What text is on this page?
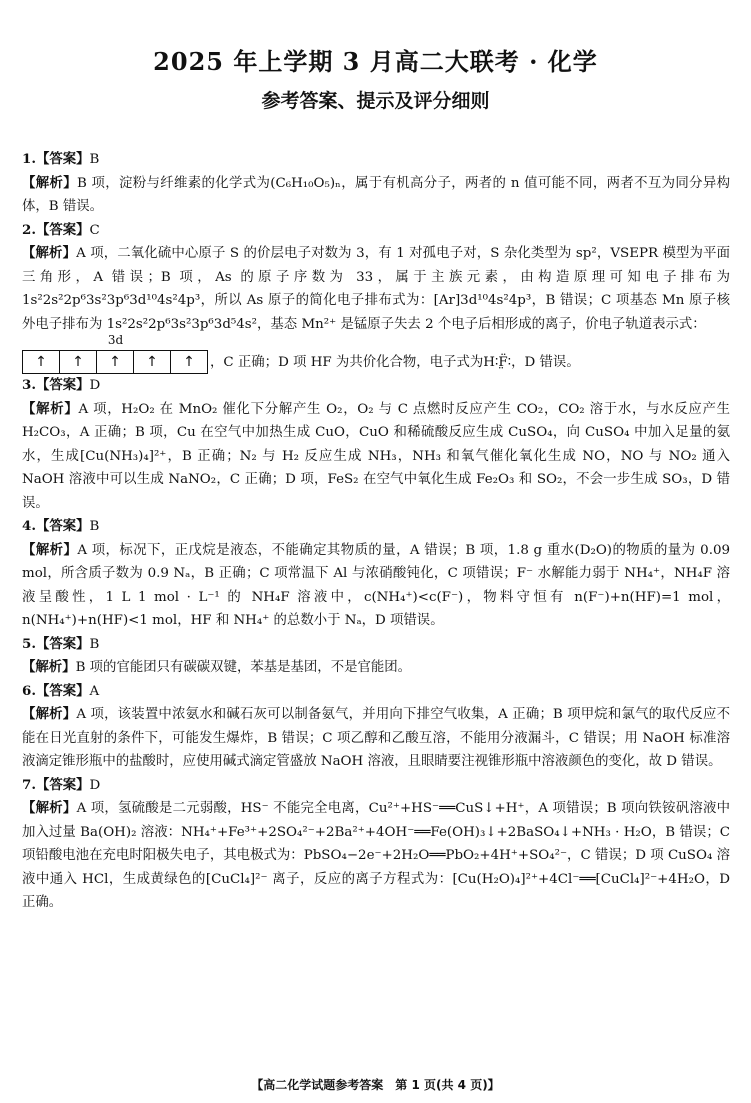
2025 年上学期 3 月高二大联考 · 化学
参考答案、提示及评分细则

1.【答案】B

【解析】B 项，淀粉与纤维素的化学式为(C₆H₁₀O₅)ₙ，属于有机高分子，两者的 n 值可能不同，两者不互为同分异构体，B 错误。

2.【答案】C

【解析】A 项，二氧化硫中心原子 S 的价层电子对数为 3，有 1 对孤电子对，S 杂化类型为 sp²，VSEPR 模型为平面三角形，A 错误；B 项，As 的原子序数为 33，属于主族元素，由构造原理可知电子排布为 1s²2s²2p⁶3s²3p⁶3d¹⁰4s²4p³，所以 As 原子的简化电子排布式为：[Ar]3d¹⁰4s²4p³，B 错误；C 项基态 Mn 原子核外电子排布为 1s²2s²2p⁶3s²3p⁶3d⁵4s²，基态 Mn²⁺ 是锰原子失去 2 个电子后相形成的离子，价电子轨道表示式：

3d
↑	↑	↑	↑	↑	，C 正确；D 项 HF 为共价化合物，电子式为H∶F̤̈∶，D 错误。

3.【答案】D

【解析】A 项，H₂O₂ 在 MnO₂ 催化下分解产生 O₂，O₂ 与 C 点燃时反应产生 CO₂，CO₂ 溶于水，与水反应产生 H₂CO₃，A 正确；B 项，Cu 在空气中加热生成 CuO，CuO 和稀硫酸反应生成 CuSO₄，向 CuSO₄ 中加入足量的氨水，生成[Cu(NH₃)₄]²⁺，B 正确；N₂ 与 H₂ 反应生成 NH₃，NH₃ 和氧气催化氧化生成 NO，NO 与 NO₂ 通入 NaOH 溶液中可以生成 NaNO₂，C 正确；D 项，FeS₂ 在空气中氧化生成 Fe₂O₃ 和 SO₂，不会一步生成 SO₃，D 错误。

4.【答案】B

【解析】A 项，标况下，正戊烷是液态，不能确定其物质的量，A 错误；B 项，1.8 g 重水(D₂O)的物质的量为 0.09 mol，所含质子数为 0.9 Nₐ，B 正确；C 项常温下 Al 与浓硝酸钝化，C 项错误；F⁻ 水解能力弱于 NH₄⁺，NH₄F 溶液呈酸性，1 L 1 mol · L⁻¹ 的 NH₄F 溶液中，c(NH₄⁺)<c(F⁻)，物料守恒有 n(F⁻)+n(HF)=1 mol，n(NH₄⁺)+n(HF)<1 mol，HF 和 NH₄⁺ 的总数小于 Nₐ，D 项错误。

5.【答案】B

【解析】B 项的官能团只有碳碳双键，苯基是基团，不是官能团。

6.【答案】A

【解析】A 项，该装置中浓氨水和碱石灰可以制备氨气，并用向下排空气收集，A 正确；B 项甲烷和氯气的取代反应不能在日光直射的条件下，可能发生爆炸，B 错误；C 项乙醇和乙酸互溶，不能用分液漏斗，C 错误；用 NaOH 标准溶液滴定锥形瓶中的盐酸时，应使用碱式滴定管盛放 NaOH 溶液，且眼睛要注视锥形瓶中溶液颜色的变化，故 D 错误。

7.【答案】D

【解析】A 项，氢硫酸是二元弱酸，HS⁻ 不能完全电离，Cu²⁺+HS⁻══CuS↓+H⁺，A 项错误；B 项向铁铵矾溶液中加入过量 Ba(OH)₂ 溶液：NH₄⁺+Fe³⁺+2SO₄²⁻+2Ba²⁺+4OH⁻══Fe(OH)₃↓+2BaSO₄↓+NH₃ · H₂O，B 错误；C 项铅酸电池在充电时阳极失电子，其电极式为：PbSO₄−2e⁻+2H₂O══PbO₂+4H⁺+SO₄²⁻，C 错误；D 项 CuSO₄ 溶液中通入 HCl，生成黄绿色的[CuCl₄]²⁻ 离子，反应的离子方程式为：[Cu(H₂O)₄]²⁺+4Cl⁻══[CuCl₄]²⁻+4H₂O，D 正确。

【高二化学试题参考答案　第 1 页(共 4 页)】
